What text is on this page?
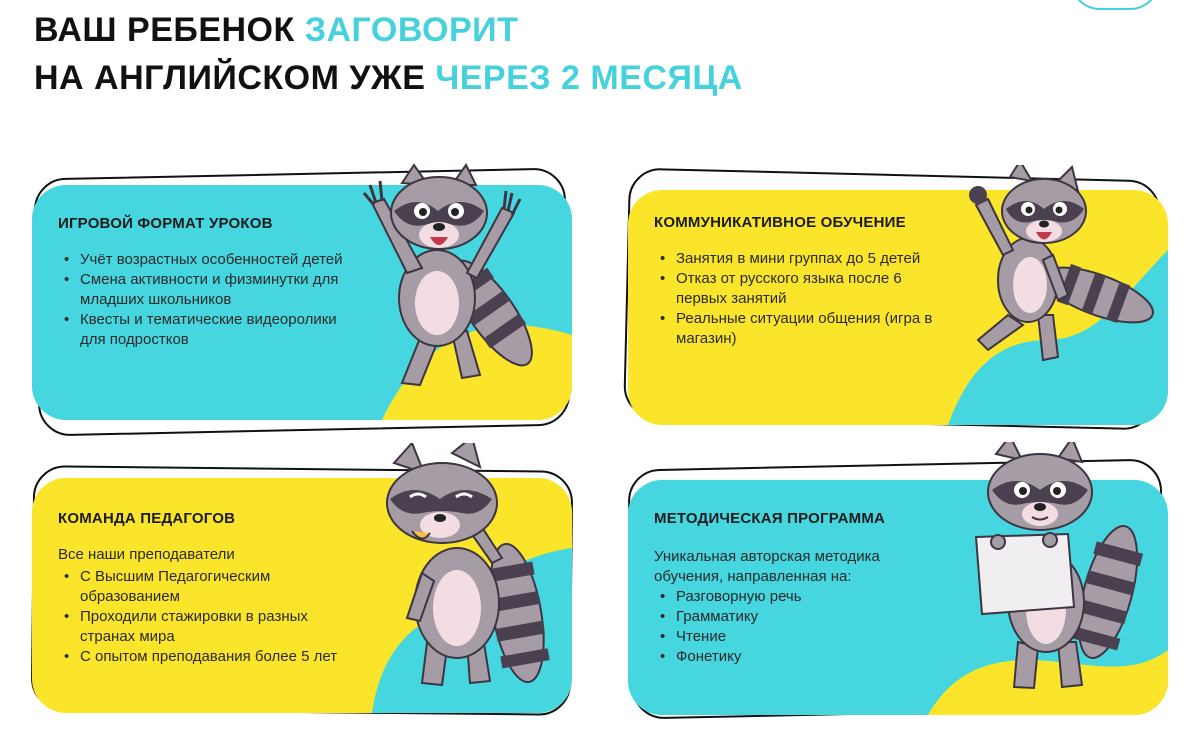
ВАШ РЕБЕНОК ЗАГОВОРИТ
НА АНГЛИЙСКОМ УЖЕ ЧЕРЕЗ 2 МЕСЯЦА
ИГРОВОЙ ФОРМАТ УРОКОВ
• Учёт возрастных особенностей детей
• Смена активности и физминутки для младших школьников
• Квесты и тематические видеоролики для подростков
КОММУНИКАТИВНОЕ ОБУЧЕНИЕ
• Занятия в мини группах до 5 детей
• Отказ от русского языка после 6 первых занятий
• Реальные ситуации общения (игра в магазин)
КОМАНДА ПЕДАГОГОВ

Все наши преподаватели

• С Высшим Педагогическим образованием
• Проходили стажировки в разных странах мира
• С опытом преподавания более 5 лет
МЕТОДИЧЕСКАЯ ПРОГРАММА

Уникальная авторская методика обучения, направленная на:

• Разговорную речь
• Грамматику
• Чтение
• Фонетику
